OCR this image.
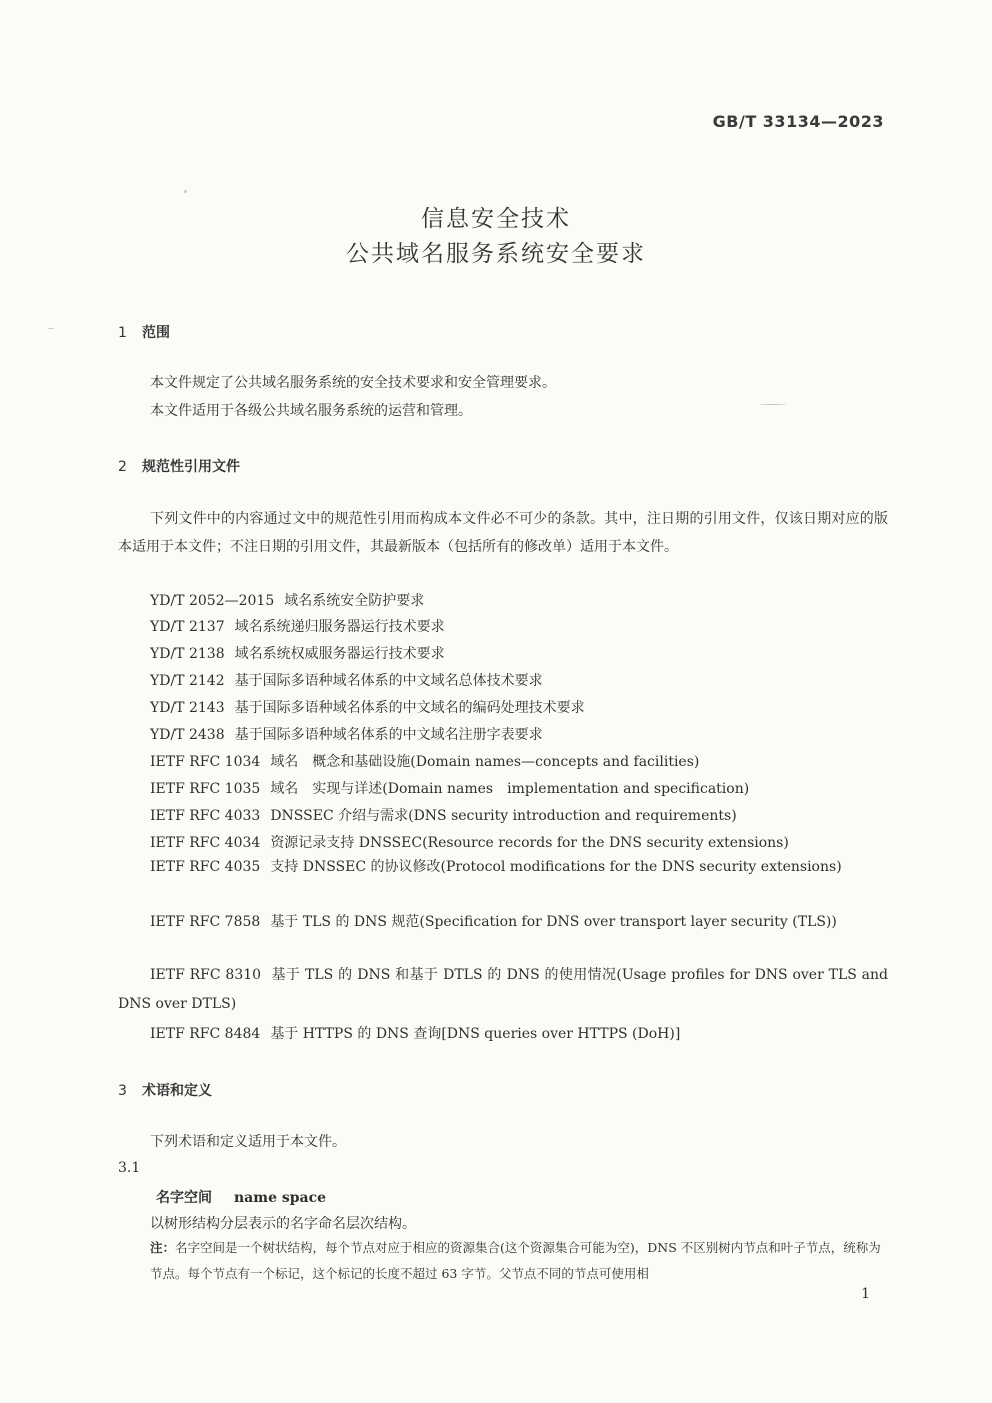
GB/T 33134—2023
信息安全技术
公共域名服务系统安全要求
1 范围
本文件规定了公共域名服务系统的安全技术要求和安全管理要求。
本文件适用于各级公共域名服务系统的运营和管理。
2 规范性引用文件
下列文件中的内容通过文中的规范性引用而构成本文件必不可少的条款。其中，注日期的引用文件，仅该日期对应的版本适用于本文件；不注日期的引用文件，其最新版本（包括所有的修改单）适用于本文件。
YD/T 2052—2015 域名系统安全防护要求
YD/T 2137 域名系统递归服务器运行技术要求
YD/T 2138 域名系统权威服务器运行技术要求
YD/T 2142 基于国际多语种域名体系的中文域名总体技术要求
YD/T 2143 基于国际多语种域名体系的中文域名的编码处理技术要求
YD/T 2438 基于国际多语种域名体系的中文域名注册字表要求
IETF RFC 1034 域名　概念和基础设施(Domain names—concepts and facilities)
IETF RFC 1035 域名　实现与详述(Domain names　implementation and specification)
IETF RFC 4033 DNSSEC 介绍与需求(DNS security introduction and requirements)
IETF RFC 4034 资源记录支持 DNSSEC(Resource records for the DNS security extensions)
IETF RFC 4035 支持 DNSSEC 的协议修改(Protocol modifications for the DNS security extensions)
IETF RFC 7858 基于 TLS 的 DNS 规范(Specification for DNS over transport layer security (TLS))
IETF RFC 8310 基于 TLS 的 DNS 和基于 DTLS 的 DNS 的使用情况(Usage profiles for DNS over TLS and DNS over DTLS)
IETF RFC 8484 基于 HTTPS 的 DNS 查询[DNS queries over HTTPS (DoH)]
3 术语和定义
下列术语和定义适用于本文件。
3.1
名字空间 name space
以树形结构分层表示的名字命名层次结构。
注：名字空间是一个树状结构，每个节点对应于相应的资源集合(这个资源集合可能为空)，DNS 不区别树内节点和叶子节点，统称为节点。每个节点有一个标记，这个标记的长度不超过 63 字节。父节点不同的节点可使用相
1
